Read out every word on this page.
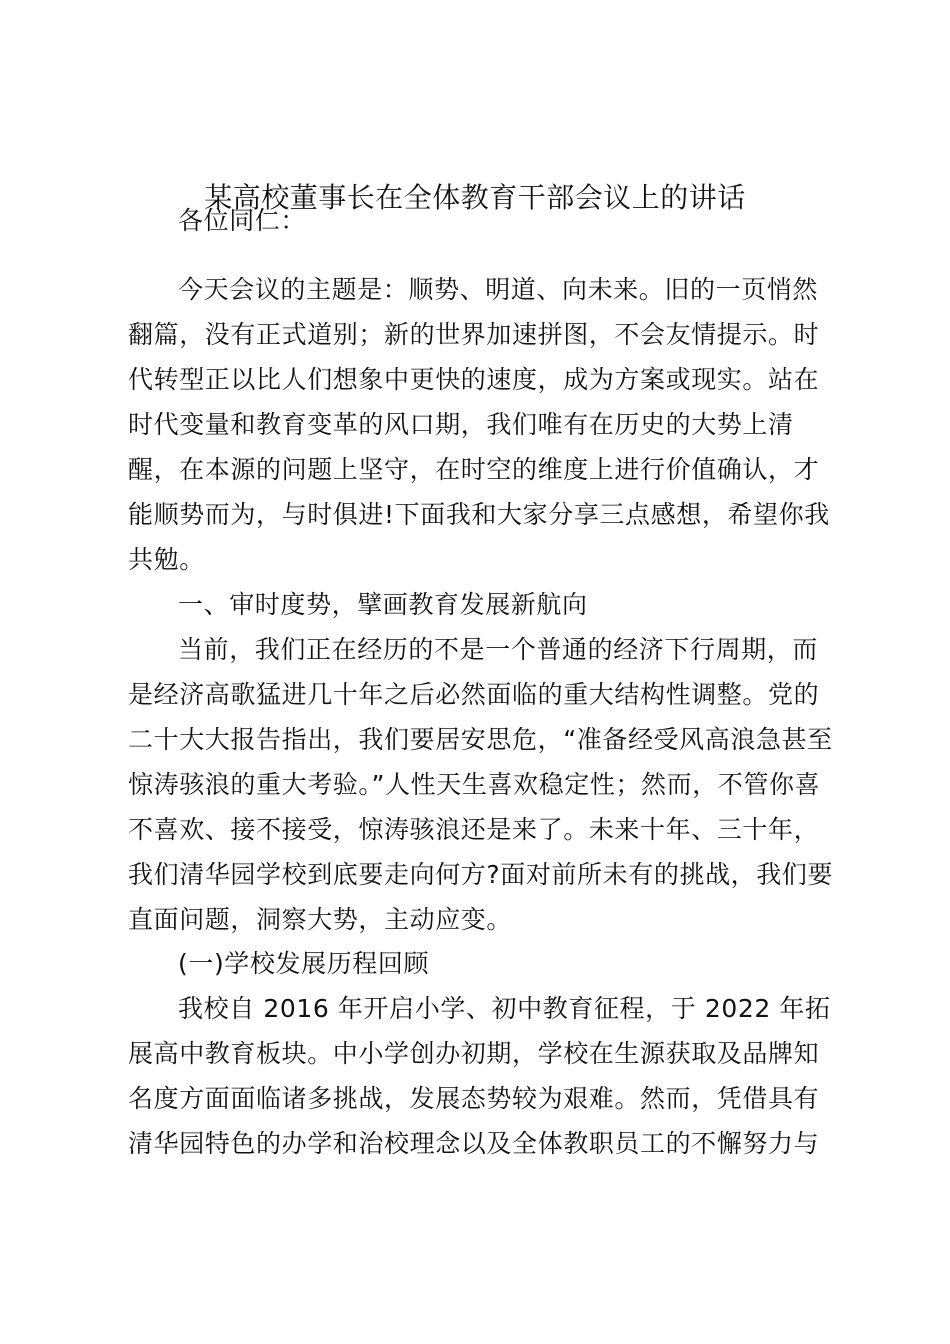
某高校董事长在全体教育干部会议上的讲话
各位同仁：
今天会议的主题是：顺势、明道、向未来。旧的一页悄然
翻篇，没有正式道别；新的世界加速拼图，不会友情提示。时
代转型正以比人们想象中更快的速度，成为方案或现实。站在
时代变量和教育变革的风口期，我们唯有在历史的大势上清
醒，在本源的问题上坚守，在时空的维度上进行价值确认，才
能顺势而为，与时俱进!下面我和大家分享三点感想，希望你我
共勉。
一、审时度势，擘画教育发展新航向
当前，我们正在经历的不是一个普通的经济下行周期，而
是经济高歌猛进几十年之后必然面临的重大结构性调整。党的
二十大大报告指出，我们要居安思危，“准备经受风高浪急甚至
惊涛骇浪的重大考验。”人性天生喜欢稳定性；然而，不管你喜
不喜欢、接不接受，惊涛骇浪还是来了。未来十年、三十年，
我们清华园学校到底要走向何方?面对前所未有的挑战，我们要
直面问题，洞察大势，主动应变。
(一)学校发展历程回顾
我校自 2016 年开启小学、初中教育征程，于 2022 年拓
展高中教育板块。中小学创办初期，学校在生源获取及品牌知
名度方面面临诸多挑战，发展态势较为艰难。然而，凭借具有
清华园特色的办学和治校理念以及全体教职员工的不懈努力与
